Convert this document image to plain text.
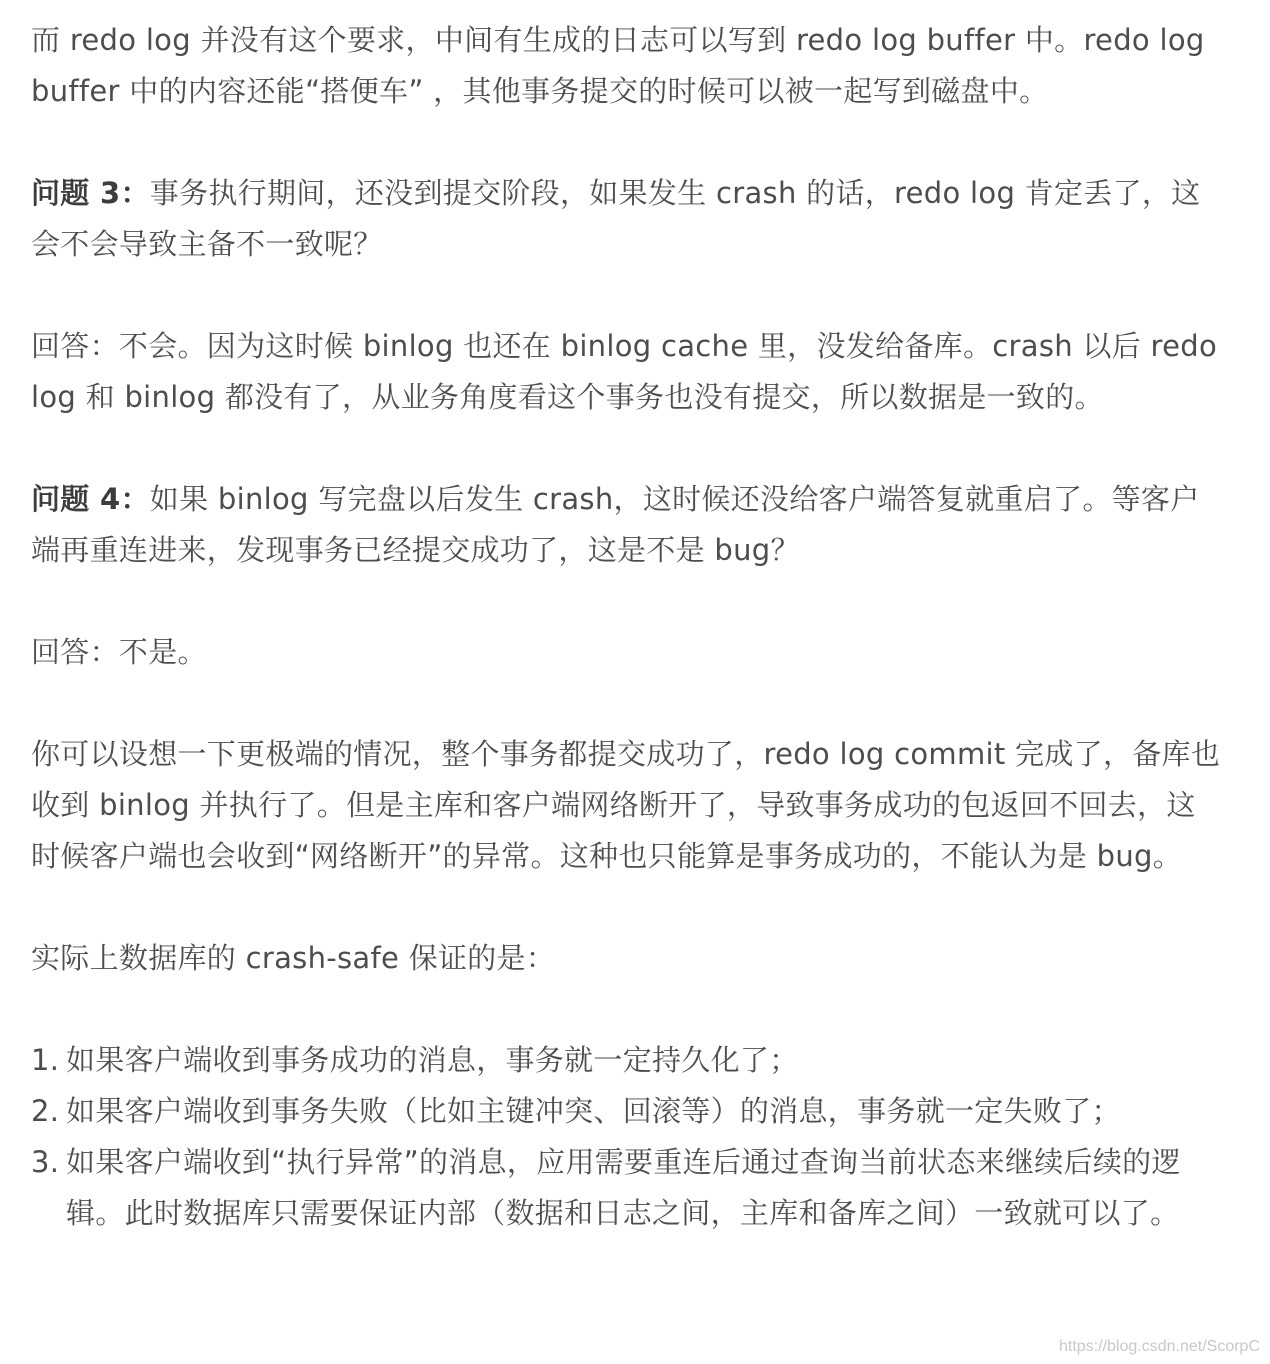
而 redo log 并没有这个要求，中间有生成的日志可以写到 redo log buffer 中。redo log buffer 中的内容还能“搭便车” ，其他事务提交的时候可以被一起写到磁盘中。

问题 3：事务执行期间，还没到提交阶段，如果发生 crash 的话，redo log 肯定丢了，这会不会导致主备不一致呢？

回答：不会。因为这时候 binlog 也还在 binlog cache 里，没发给备库。crash 以后 redo log 和 binlog 都没有了，从业务角度看这个事务也没有提交，所以数据是一致的。

问题 4：如果 binlog 写完盘以后发生 crash，这时候还没给客户端答复就重启了。等客户端再重连进来，发现事务已经提交成功了，这是不是 bug？

回答：不是。

你可以设想一下更极端的情况，整个事务都提交成功了，redo log commit 完成了，备库也收到 binlog 并执行了。但是主库和客户端网络断开了，导致事务成功的包返回不回去，这时候客户端也会收到“网络断开”的异常。这种也只能算是事务成功的，不能认为是 bug。

实际上数据库的 crash-safe 保证的是：

1. 如果客户端收到事务成功的消息，事务就一定持久化了；
2. 如果客户端收到事务失败（比如主键冲突、回滚等）的消息，事务就一定失败了；
3. 如果客户端收到“执行异常”的消息，应用需要重连后通过查询当前状态来继续后续的逻辑。此时数据库只需要保证内部（数据和日志之间，主库和备库之间）一致就可以了。
https://blog.csdn.net/ScorpC
